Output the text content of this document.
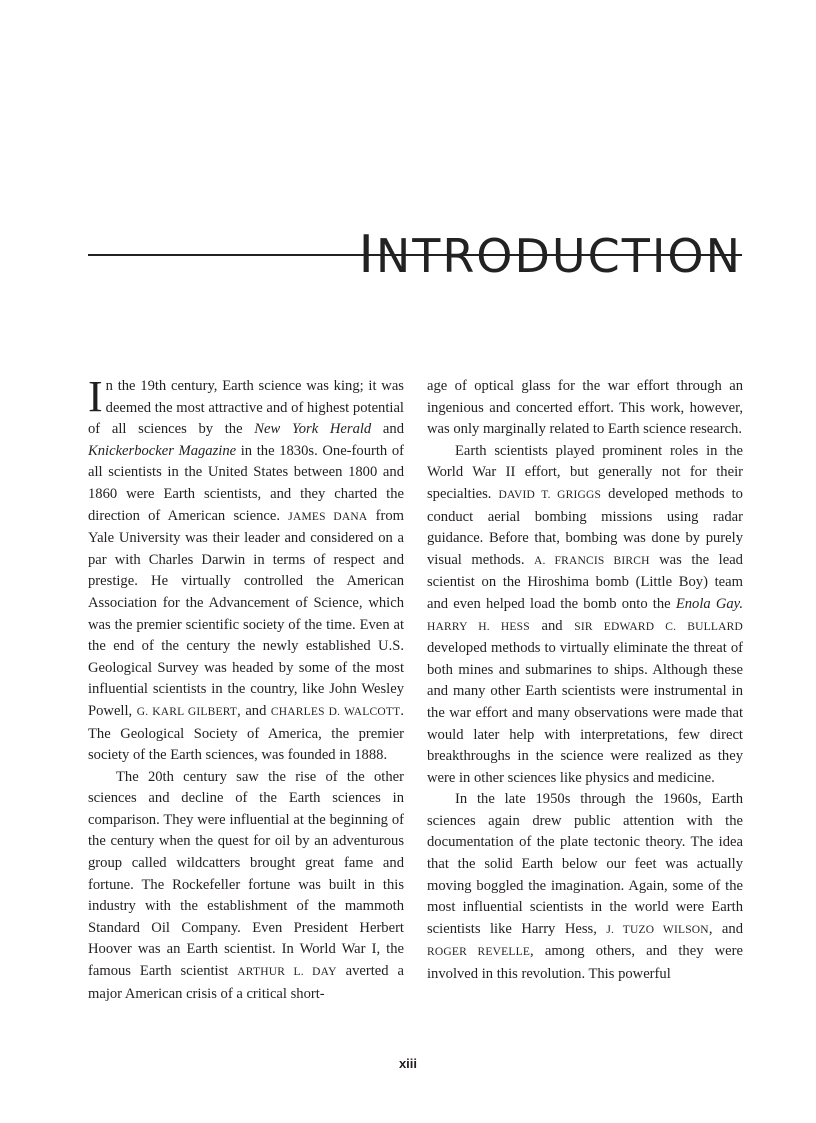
INTRODUCTION

In the 19th century, Earth science was king; it was deemed the most attractive and of highest potential of all sciences by the New York Herald and Knickerbocker Magazine in the 1830s. One-fourth of all scientists in the United States between 1800 and 1860 were Earth scientists, and they charted the direction of American science. JAMES DANA from Yale University was their leader and considered on a par with Charles Darwin in terms of respect and prestige. He virtually controlled the American Association for the Advancement of Science, which was the premier scientific society of the time. Even at the end of the century the newly established U.S. Geological Survey was headed by some of the most influential scientists in the country, like John Wesley Powell, G. KARL GILBERT, and CHARLES D. WALCOTT. The Geological Society of America, the premier society of the Earth sciences, was founded in 1888.

The 20th century saw the rise of the other sciences and decline of the Earth sciences in comparison. They were influential at the beginning of the century when the quest for oil by an adventurous group called wildcatters brought great fame and fortune. The Rockefeller fortune was built in this industry with the establishment of the mammoth Standard Oil Company. Even President Herbert Hoover was an Earth scientist. In World War I, the famous Earth scientist ARTHUR L. DAY averted a major American crisis of a critical short-

age of optical glass for the war effort through an ingenious and concerted effort. This work, however, was only marginally related to Earth science research.

Earth scientists played prominent roles in the World War II effort, but generally not for their specialties. DAVID T. GRIGGS developed methods to conduct aerial bombing missions using radar guidance. Before that, bombing was done by purely visual methods. A. FRANCIS BIRCH was the lead scientist on the Hiroshima bomb (Little Boy) team and even helped load the bomb onto the Enola Gay. HARRY H. HESS and SIR EDWARD C. BULLARD developed methods to virtually eliminate the threat of both mines and submarines to ships. Although these and many other Earth scientists were instrumental in the war effort and many observations were made that would later help with interpretations, few direct breakthroughs in the science were realized as they were in other sciences like physics and medicine.

In the late 1950s through the 1960s, Earth sciences again drew public attention with the documentation of the plate tectonic theory. The idea that the solid Earth below our feet was actually moving boggled the imagination. Again, some of the most influential scientists in the world were Earth scientists like Harry Hess, J. TUZO WILSON, and ROGER REVELLE, among others, and they were involved in this revolution. This powerful

xiii
